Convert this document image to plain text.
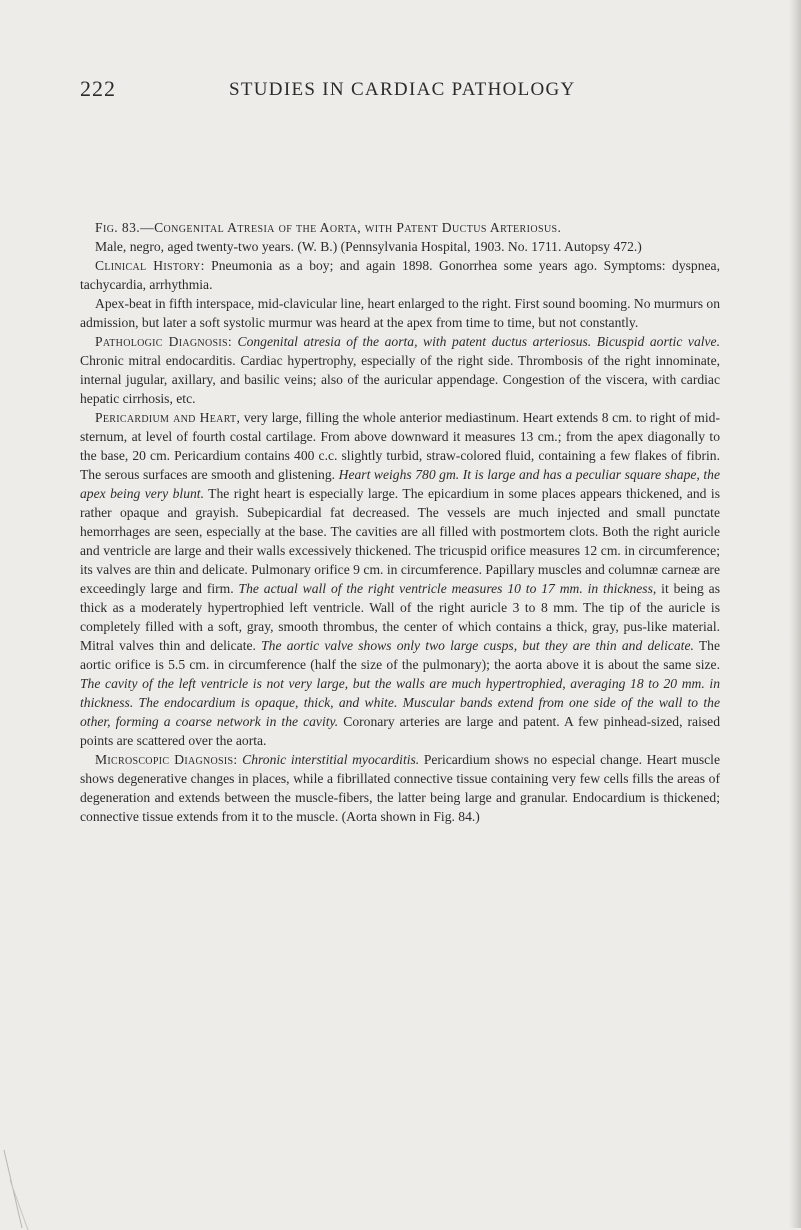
222	STUDIES IN CARDIAC PATHOLOGY

Fig. 83.—Congenital Atresia of the Aorta, with Patent Ductus Arteriosus.

Male, negro, aged twenty-two years. (W. B.) (Pennsylvania Hospital, 1903. No. 1711. Autopsy 472.)

Clinical History: Pneumonia as a boy; and again 1898. Gonorrhea some years ago. Symptoms: dyspnea, tachycardia, arrhythmia.

Apex-beat in fifth interspace, mid-clavicular line, heart enlarged to the right. First sound booming. No murmurs on admission, but later a soft systolic murmur was heard at the apex from time to time, but not constantly.

Pathologic Diagnosis: Congenital atresia of the aorta, with patent ductus arteriosus. Bicuspid aortic valve. Chronic mitral endocarditis. Cardiac hypertrophy, especially of the right side. Thrombosis of the right innominate, internal jugular, axillary, and basilic veins; also of the auricular appendage. Congestion of the viscera, with cardiac hepatic cirrhosis, etc.

Pericardium and Heart, very large, filling the whole anterior mediastinum. Heart extends 8 cm. to right of mid-sternum, at level of fourth costal cartilage. From above downward it measures 13 cm.; from the apex diagonally to the base, 20 cm. Pericardium contains 400 c.c. slightly turbid, straw-colored fluid, containing a few flakes of fibrin. The serous surfaces are smooth and glistening. Heart weighs 780 gm. It is large and has a peculiar square shape, the apex being very blunt. The right heart is especially large. The epicardium in some places appears thickened, and is rather opaque and grayish. Subepicardial fat decreased. The vessels are much injected and small punctate hemorrhages are seen, especially at the base. The cavities are all filled with postmortem clots. Both the right auricle and ventricle are large and their walls excessively thickened. The tricuspid orifice measures 12 cm. in circumference; its valves are thin and delicate. Pulmonary orifice 9 cm. in circumference. Papillary muscles and columnæ carneæ are exceedingly large and firm. The actual wall of the right ventricle measures 10 to 17 mm. in thickness, it being as thick as a moderately hypertrophied left ventricle. Wall of the right auricle 3 to 8 mm. The tip of the auricle is completely filled with a soft, gray, smooth thrombus, the center of which contains a thick, gray, pus-like material. Mitral valves thin and delicate. The aortic valve shows only two large cusps, but they are thin and delicate. The aortic orifice is 5.5 cm. in circumference (half the size of the pulmonary); the aorta above it is about the same size. The cavity of the left ventricle is not very large, but the walls are much hypertrophied, averaging 18 to 20 mm. in thickness. The endocardium is opaque, thick, and white. Muscular bands extend from one side of the wall to the other, forming a coarse network in the cavity. Coronary arteries are large and patent. A few pinhead-sized, raised points are scattered over the aorta.

Microscopic Diagnosis: Chronic interstitial myocarditis. Pericardium shows no especial change. Heart muscle shows degenerative changes in places, while a fibrillated connective tissue containing very few cells fills the areas of degeneration and extends between the muscle-fibers, the latter being large and granular. Endocardium is thickened; connective tissue extends from it to the muscle. (Aorta shown in Fig. 84.)
